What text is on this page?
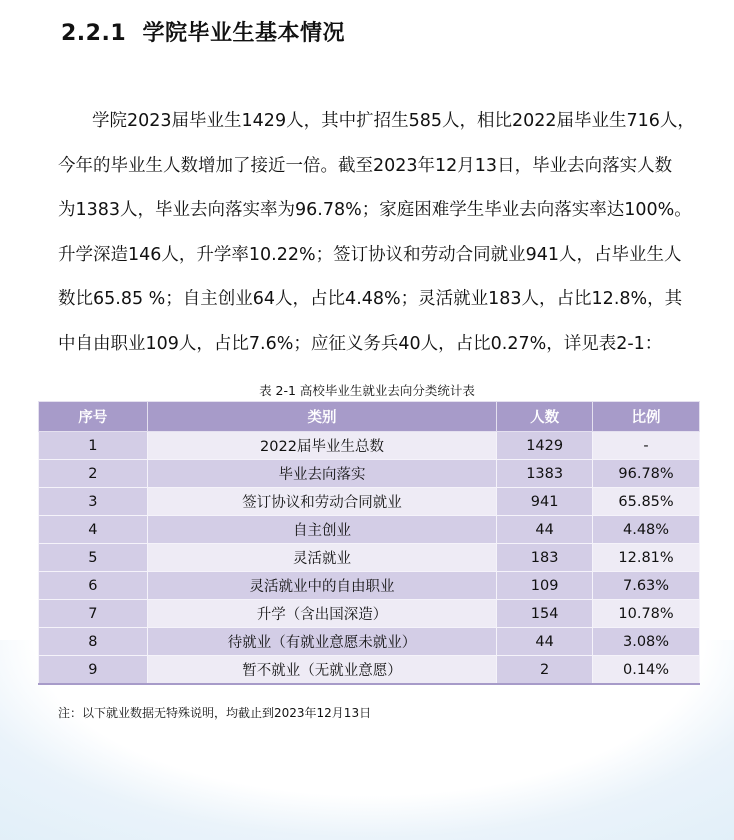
2.2.1 学院毕业生基本情况

学院2023届毕业生1429人，其中扩招生585人，相比2022届毕业生716人，

今年的毕业生人数增加了接近一倍。截至2023年12月13日，毕业去向落实人数

为1383人，毕业去向落实率为96.78%；家庭困难学生毕业去向落实率达100%。

升学深造146人，升学率10.22%；签订协议和劳动合同就业941人，占毕业生人

数比65.85 %；自主创业64人，占比4.48%；灵活就业183人，占比12.8%，其

中自由职业109人，占比7.6%；应征义务兵40人，占比0.27%，详见表2-1：

表 2-1 高校毕业生就业去向分类统计表
序号	类别	人数	比例
1	2022届毕业生总数	1429	-
2	毕业去向落实	1383	96.78%
3	签订协议和劳动合同就业	941	65.85%
4	自主创业	44	4.48%
5	灵活就业	183	12.81%
6	灵活就业中的自由职业	109	7.63%
7	升学（含出国深造）	154	10.78%
8	待就业（有就业意愿未就业）	44	3.08%
9	暂不就业（无就业意愿）	2	0.14%
注：以下就业数据无特殊说明，均截止到2023年12月13日
